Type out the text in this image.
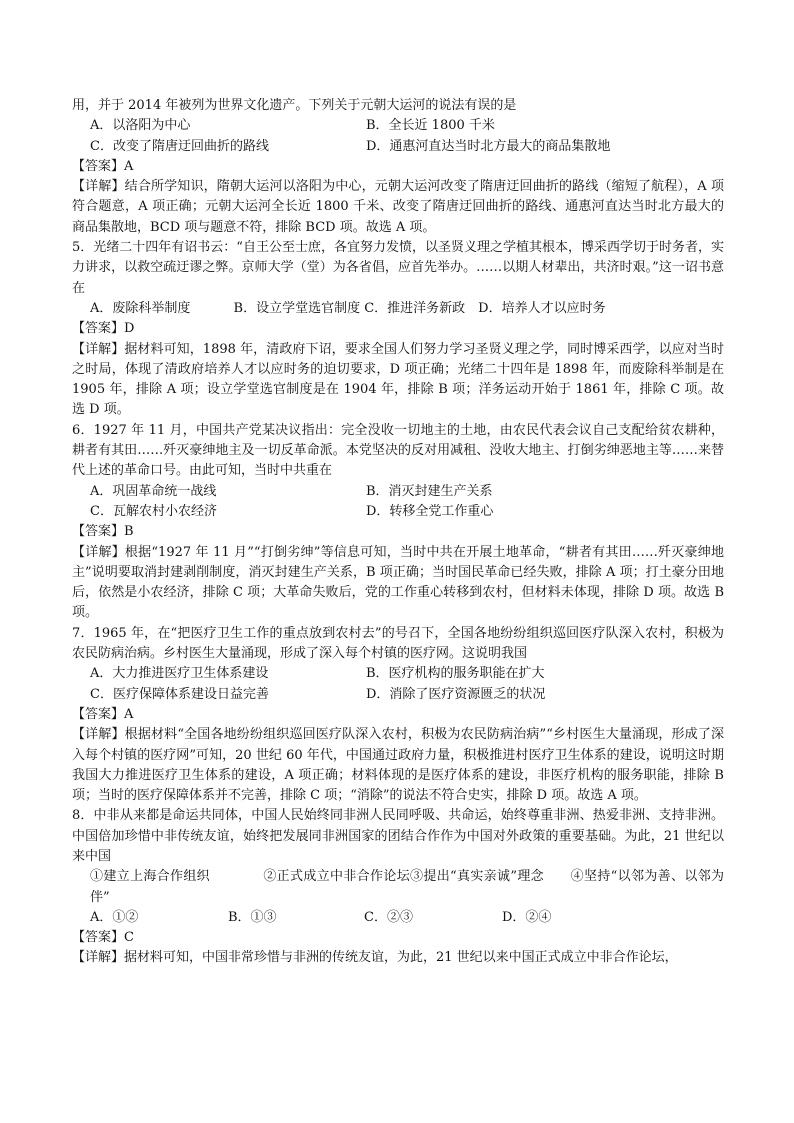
用，并于 2014 年被列为世界文化遗产。下列关于元朝大运河的说法有误的是
A．以洛阳为中心	B．全长近 1800 千米
C．改变了隋唐迂回曲折的路线	D．通惠河直达当时北方最大的商品集散地
【答案】A
【详解】结合所学知识，隋朝大运河以洛阳为中心，元朝大运河改变了隋唐迂回曲折的路线（缩短了航程），A 项符合题意，A 项正确；元朝大运河全长近 1800 千米、改变了隋唐迂回曲折的路线、通惠河直达当时北方最大的商品集散地，BCD 项与题意不符，排除 BCD 项。故选 A 项。
5．光绪二十四年有诏书云：“自王公至士庶，各宜努力发愤，以圣贤义理之学植其根本，博采西学切于时务者，实力讲求，以救空疏迂谬之弊。京师大学（堂）为各省倡，应首先举办。……以期人材辈出，共济时艰。”这一诏书意在
A．废除科举制度　　　 B．设立学堂选官制度 C．推进洋务新政　D．培养人才以应时务
【答案】D
【详解】据材料可知，1898 年，清政府下诏，要求全国人们努力学习圣贤义理之学，同时博采西学，以应对当时之时局，体现了清政府培养人才以应时务的迫切要求，D 项正确；光绪二十四年是 1898 年，而废除科举制是在 1905 年，排除 A 项；设立学堂选官制度是在 1904 年，排除 B 项；洋务运动开始于 1861 年，排除 C 项。故选 D 项。
6．1927 年 11 月，中国共产党某决议指出：完全没收一切地主的土地，由农民代表会议自己支配给贫农耕种，耕者有其田……歼灭豪绅地主及一切反革命派。本党坚决的反对用减租、没收大地主、打倒劣绅恶地主等……来替代上述的革命口号。由此可知，当时中共重在
A．巩固革命统一战线	B．消灭封建生产关系
C．瓦解农村小农经济	D．转移全党工作重心
【答案】B
【详解】根据“1927 年 11 月”“打倒劣绅”等信息可知，当时中共在开展土地革命，“耕者有其田……歼灭豪绅地主”说明要取消封建剥削制度，消灭封建生产关系，B 项正确；当时国民革命已经失败，排除 A 项；打土豪分田地后，依然是小农经济，排除 C 项；大革命失败后，党的工作重心转移到农村，但材料未体现，排除 D 项。故选 B 项。
7．1965 年，在“把医疗卫生工作的重点放到农村去”的号召下，全国各地纷纷组织巡回医疗队深入农村，积极为农民防病治病。乡村医生大量涌现，形成了深入每个村镇的医疗网。这说明我国
A．大力推进医疗卫生体系建设	B．医疗机构的服务职能在扩大
C．医疗保障体系建设日益完善	D．消除了医疗资源匮乏的状况
【答案】A
【详解】根据材料“全国各地纷纷组织巡回医疗队深入农村，积极为农民防病治病”“乡村医生大量涌现，形成了深入每个村镇的医疗网”可知，20 世纪 60 年代，中国通过政府力量，积极推进村医疗卫生体系的建设，说明这时期我国大力推进医疗卫生体系的建设，A 项正确；材料体现的是医疗体系的建设，非医疗机构的服务职能，排除 B 项；当时的医疗保障体系并不完善，排除 C 项；“消除”的说法不符合史实，排除 D 项。故选 A 项。
8．中非从来都是命运共同体，中国人民始终同非洲人民同呼吸、共命运，始终尊重非洲、热爱非洲、支持非洲。中国倍加珍惜中非传统友谊，始终把发展同非洲国家的团结合作作为中国对外政策的重要基础。为此，21 世纪以来中国
①建立上海合作组织　　　　②正式成立中非合作论坛③提出“真实亲诚”理念　　④坚持“以邻为善、以邻为伴”
A．①②	B．①③	C．②③	D．②④
【答案】C
【详解】据材料可知，中国非常珍惜与非洲的传统友谊，为此，21 世纪以来中国正式成立中非合作论坛，
